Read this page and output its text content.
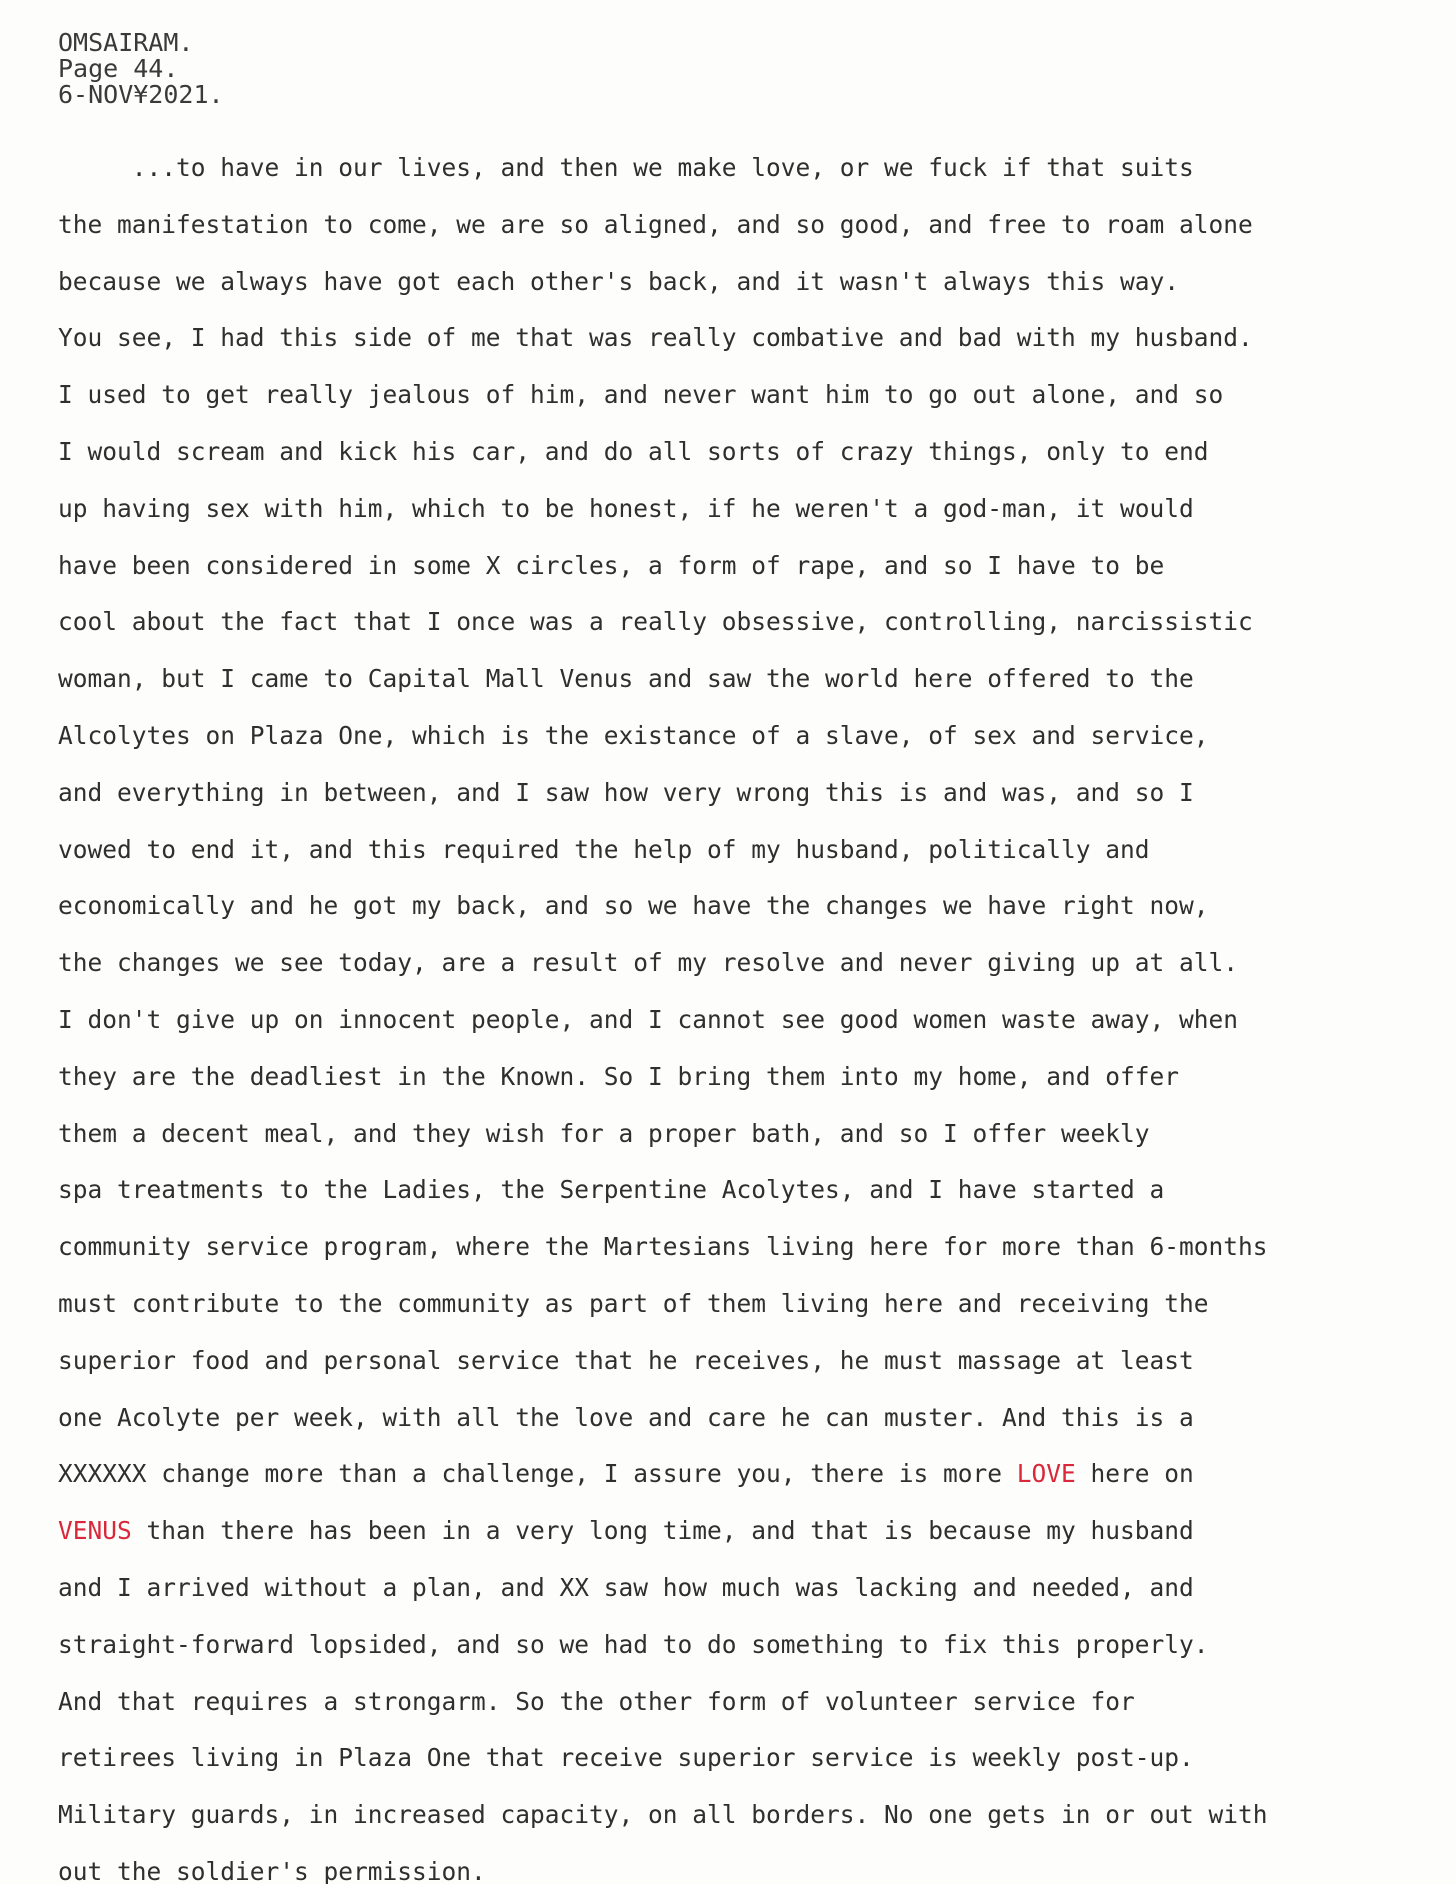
OMSAIRAM.
Page 44.
6-NOV¥2021.
...to have in our lives, and then we make love, or we fuck if that suits
the manifestation to come, we are so aligned, and so good, and free to roam alone
because we always have got each other's back, and it wasn't always this way.
You see, I had this side of me that was really combative and bad with my husband.
I used to get really jealous of him, and never want him to go out alone, and so
I would scream and kick his car, and do all sorts of crazy things, only to end
up having sex with him, which to be honest, if he weren't a god-man, it would
have been considered in some X circles, a form of rape, and so I have to be
cool about the fact that I once was a really obsessive, controlling, narcissistic
woman, but I came to Capital Mall Venus and saw the world here offered to the
Alcolytes on Plaza One, which is the existance of a slave, of sex and service,
and everything in between, and I saw how very wrong this is and was, and so I
vowed to end it, and this required the help of my husband, politically and
economically and he got my back, and so we have the changes we have right now,
the changes we see today, are a result of my resolve and never giving up at all.
I don't give up on innocent people, and I cannot see good women waste away, when
they are the deadliest in the Known. So I bring them into my home, and offer
them a decent meal, and they wish for a proper bath, and so I offer weekly
spa treatments to the Ladies, the Serpentine Acolytes, and I have started a
community service program, where the Martesians living here for more than 6-months
must contribute to the community as part of them living here and receiving the
superior food and personal service that he receives, he must massage at least
one Acolyte per week, with all the love and care he can muster. And this is a
XXXXXX change more than a challenge, I assure you, there is more LOVE here on
VENUS than there has been in a very long time, and that is because my husband
and I arrived without a plan, and XX saw how much was lacking and needed, and
straight-forward lopsided, and so we had to do something to fix this properly.
And that requires a strongarm. So the other form of volunteer service for
retirees living in Plaza One that receive superior service is weekly post-up.
Military guards, in increased capacity, on all borders. No one gets in or out with
out the soldier's permission.
